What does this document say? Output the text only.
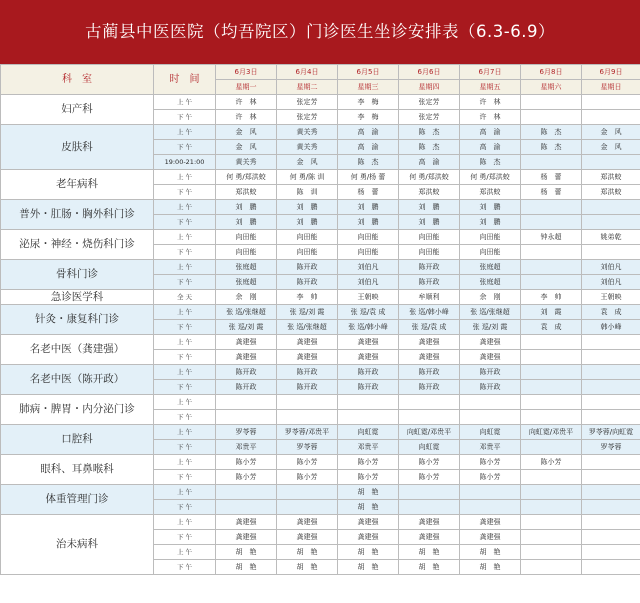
古蔺县中医医院（均吾院区）门诊医生坐诊安排表（6.3-6.9）
科　室	时　间	6月3日	6月4日	6月5日	6月6日	6月7日	6月8日	6月9日
		星期一	星期二	星期三	星期四	星期五	星期六	星期日
妇产科	上 午	许　林	张定芳	李　梅	张定芳	许　林		
	下 午	许　林	张定芳	李　梅	张定芳	许　林		
皮肤科	上 午	金　风	黄关秀	高　渝	陈　杰	高　渝	陈　杰	金　风
	下 午	金　风	黄关秀	高　渝	陈　杰	高　渝	陈　杰	金　风
	19:00-21:00	黄关秀	金　风	陈　杰	高　渝	陈　杰		
老年病科	上 午	何 勇/郑洪蛟	何 勇/陈 训	何 勇/杨 蕾	何 勇/郑洪蛟	何 勇/郑洪蛟	杨　蕾	郑洪蛟
	下 午	郑洪蛟	陈　训	杨　蕾	郑洪蛟	郑洪蛟	杨　蕾	郑洪蛟
普外・肛肠・胸外科门诊	上 午	刘　鹏	刘　鹏	刘　鹏	刘　鹏	刘　鹏		
	下 午	刘　鹏	刘　鹏	刘　鹏	刘　鹏	刘　鹏		
泌尿・神经・烧伤科门诊	上 午	向田能	向田能	向田能	向田能	向田能	钟永超	姚弟乾
	下 午	向田能	向田能	向田能	向田能	向田能		
骨科门诊	上 午	张庭超	陈开政	刘伯凡	陈开政	张庭超		刘伯凡
	下 午	张庭超	陈开政	刘伯凡	陈开政	张庭超		刘伯凡
急诊医学科	全 天	余　刚	李　帅	王朝映	牟顺利	余　刚	李　帅	王朝映
针灸・康复科门诊	上 午	张 巡/张继超	张 巡/刘 霞	张 巡/袁 成	张 巡/韩小峰	张 巡/张继超	刘　霞	袁　成
	下 午	张 巡/刘 霞	张 巡/张继超	张 巡/韩小峰	张 巡/袁 成	张 巡/刘 霞	袁　成	韩小峰
名老中医（龚建强）	上 午	龚建强	龚建强	龚建强	龚建强	龚建强		
	下 午	龚建强	龚建强	龚建强	龚建强	龚建强		
名老中医（陈开政）	上 午	陈开政	陈开政	陈开政	陈开政	陈开政		
	下 午	陈开政	陈开政	陈开政	陈开政	陈开政		
肺病・脾胃・内分泌门诊	上 午							
	下 午							
口腔科	上 午	罗苓蓉	罗苓蓉/邓贵平	向虹霓	向虹霓/邓贵平	向虹霓	向虹霓/邓贵平	罗苓蓉/向虹霓
	下 午	邓贵平	罗苓蓉	邓贵平	向虹霓	邓贵平		罗苓蓉
眼科、耳鼻喉科	上 午	陈小芳	陈小芳	陈小芳	陈小芳	陈小芳	陈小芳	
	下 午	陈小芳	陈小芳	陈小芳	陈小芳	陈小芳		
体重管理门诊	上 午			胡　艳				
	下 午			胡　艳				
治未病科	上 午	龚建强	龚建强	龚建强	龚建强	龚建强		
	下 午	龚建强	龚建强	龚建强	龚建强	龚建强		
	上 午	胡　艳	胡　艳	胡　艳	胡　艳	胡　艳		
	下 午	胡　艳	胡　艳	胡　艳	胡　艳	胡　艳		
